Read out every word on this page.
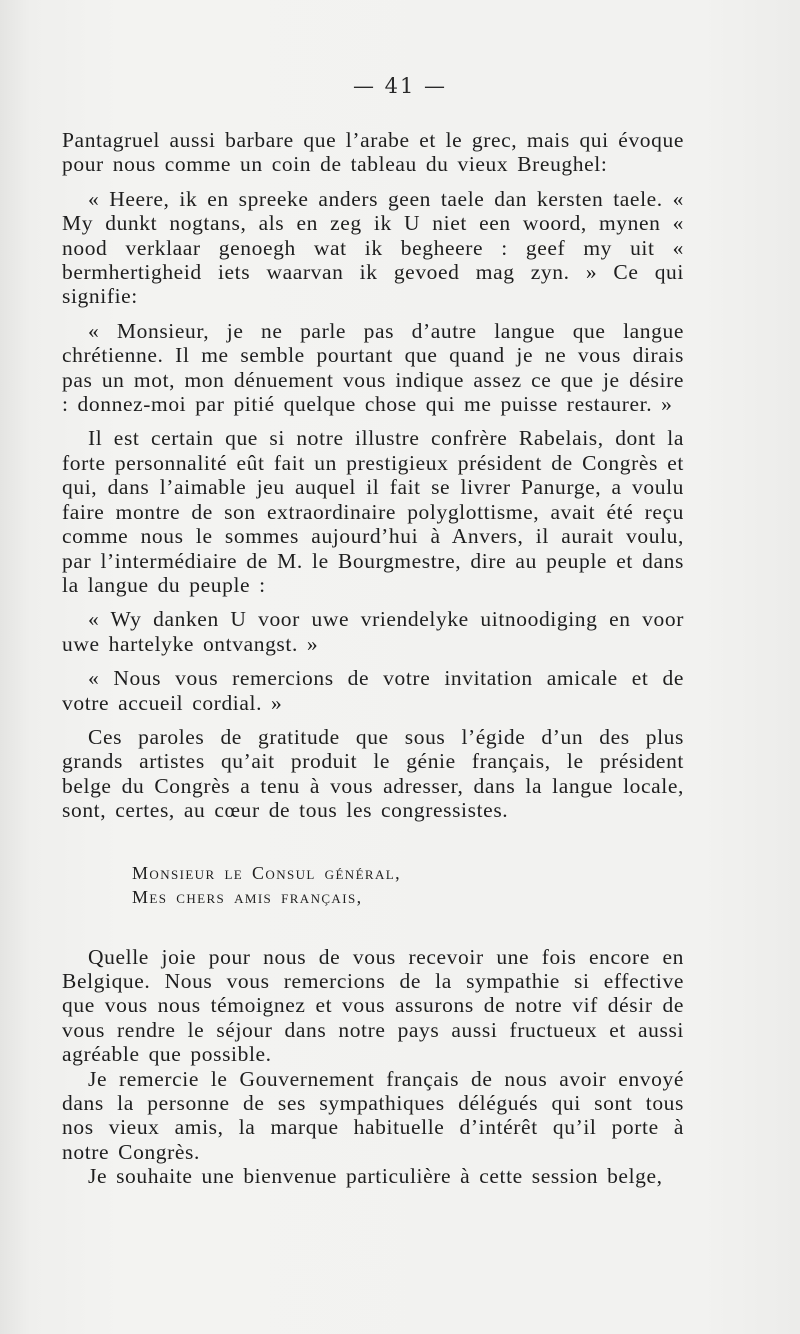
— 41 —

Pantagruel aussi barbare que l’arabe et le grec, mais qui évoque pour nous comme un coin de tableau du vieux Breughel:

« Heere, ik en spreeke anders geen taele dan kersten taele. « My dunkt nogtans, als en zeg ik U niet een woord, mynen « nood verklaar genoegh wat ik begheere : geef my uit « bermhertigheid iets waarvan ik gevoed mag zyn. » Ce qui signifie:

« Monsieur, je ne parle pas d’autre langue que langue chrétienne. Il me semble pourtant que quand je ne vous dirais pas un mot, mon dénuement vous indique assez ce que je désire : donnez-moi par pitié quelque chose qui me puisse restaurer. »

Il est certain que si notre illustre confrère Rabelais, dont la forte personnalité eût fait un prestigieux président de Congrès et qui, dans l’aimable jeu auquel il fait se livrer Panurge, a voulu faire montre de son extraordinaire polyglottisme, avait été reçu comme nous le sommes aujourd’hui à Anvers, il aurait voulu, par l’intermédiaire de M. le Bourgmestre, dire au peuple et dans la langue du peuple :

« Wy danken U voor uwe vriendelyke uitnoodiging en voor uwe hartelyke ontvangst. »

« Nous vous remercions de votre invitation amicale et de votre accueil cordial. »

Ces paroles de gratitude que sous l’égide d’un des plus grands artistes qu’ait produit le génie français, le président belge du Congrès a tenu à vous adresser, dans la langue locale, sont, certes, au cœur de tous les congressistes.

Monsieur le Consul général,
Mes chers amis français,

Quelle joie pour nous de vous recevoir une fois encore en Belgique. Nous vous remercions de la sympathie si effective que vous nous témoignez et vous assurons de notre vif désir de vous rendre le séjour dans notre pays aussi fructueux et aussi agréable que possible.

Je remercie le Gouvernement français de nous avoir envoyé dans la personne de ses sympathiques délégués qui sont tous nos vieux amis, la marque habituelle d’intérêt qu’il porte à notre Congrès.

Je souhaite une bienvenue particulière à cette session belge,
